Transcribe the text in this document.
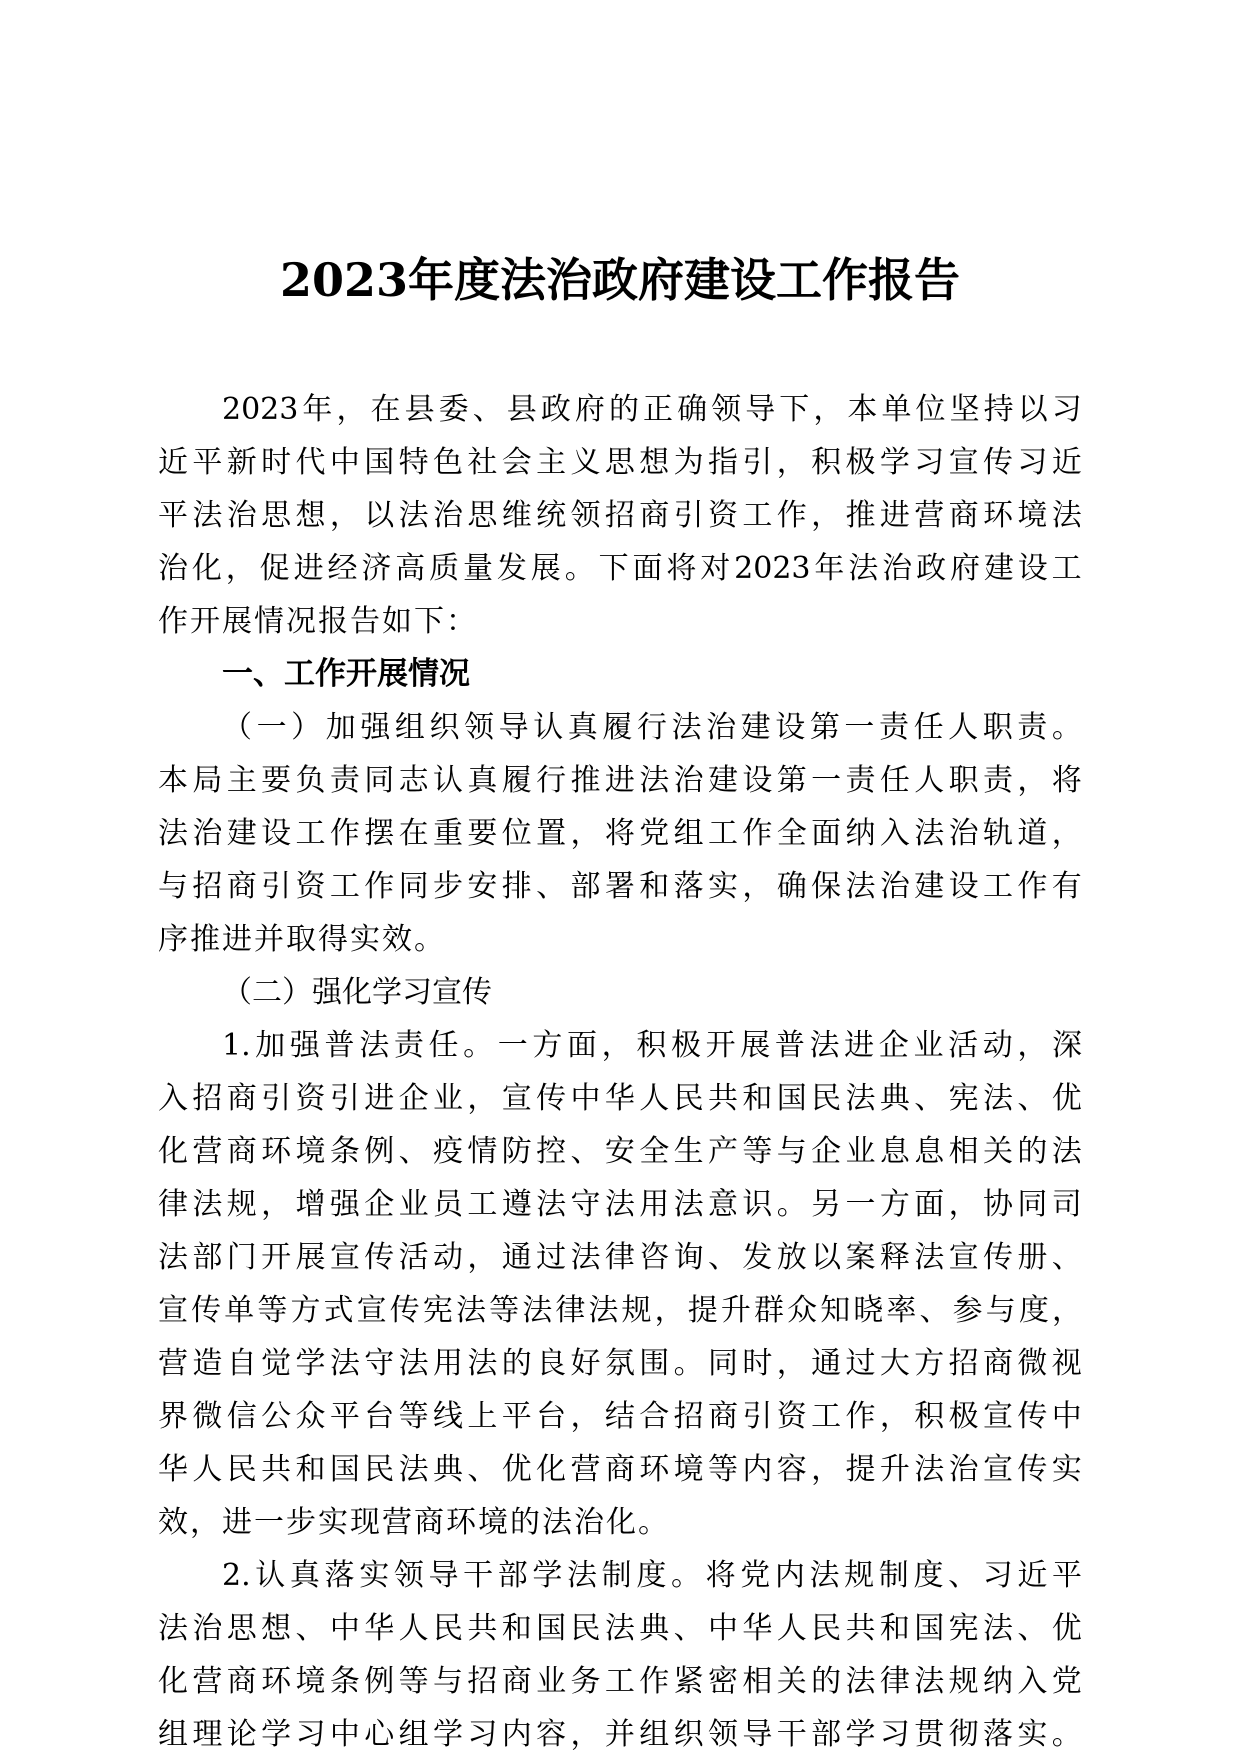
2023年度法治政府建设工作报告
2023 年 ， 在 县 委 、 县 政 府 的 正 确 领 导 下 ， 本 单 位 坚 持 以 习
近 平 新 时 代 中 国 特 色 社 会 主 义 思 想 为 指 引 ， 积 极 学 习 宣 传 习 近
平 法 治 思 想 ， 以 法 治 思 维 统 领 招 商 引 资 工 作 ， 推 进 营 商 环 境 法
治 化 ， 促 进 经 济 高 质 量 发 展 。 下 面 将 对 2023 年 法 治 政 府 建 设 工
作开展情况报告如下：
一、工作开展情况
（ 一 ） 加 强 组 织 领 导 认 真 履 行 法 治 建 设 第 一 责 任 人 职 责 。
本 局 主 要 负 责 同 志 认 真 履 行 推 进 法 治 建 设 第 一 责 任 人 职 责 ， 将
法 治 建 设 工 作 摆 在 重 要 位 置 ， 将 党 组 工 作 全 面 纳 入 法 治 轨 道 ，
与 招 商 引 资 工 作 同 步 安 排 、 部 署 和 落 实 ， 确 保 法 治 建 设 工 作 有
序推进并取得实效。
（二）强化学习宣传
1. 加 强 普 法 责 任 。 一 方 面 ， 积 极 开 展 普 法 进 企 业 活 动 ， 深
入 招 商 引 资 引 进 企 业 ， 宣 传 中 华 人 民 共 和 国 民 法 典 、 宪 法 、 优
化 营 商 环 境 条 例 、 疫 情 防 控 、 安 全 生 产 等 与 企 业 息 息 相 关 的 法
律 法 规 ， 增 强 企 业 员 工 遵 法 守 法 用 法 意 识 。 另 一 方 面 ， 协 同 司
法 部 门 开 展 宣 传 活 动 ， 通 过 法 律 咨 询 、 发 放 以 案 释 法 宣 传 册 、
宣 传 单 等 方 式 宣 传 宪 法 等 法 律 法 规 ， 提 升 群 众 知 晓 率 、 参 与 度 ，
营 造 自 觉 学 法 守 法 用 法 的 良 好 氛 围 。 同 时 ， 通 过 大 方 招 商 微 视
界 微 信 公 众 平 台 等 线 上 平 台 ， 结 合 招 商 引 资 工 作 ， 积 极 宣 传 中
华 人 民 共 和 国 民 法 典 、 优 化 营 商 环 境 等 内 容 ， 提 升 法 治 宣 传 实
效，进一步实现营商环境的法治化。
2. 认 真 落 实 领 导 干 部 学 法 制 度 。 将 党 内 法 规 制 度 、 习 近 平
法 治 思 想 、 中 华 人 民 共 和 国 民 法 典 、 中 华 人 民 共 和 国 宪 法 、 优
化 营 商 环 境 条 例 等 与 招 商 业 务 工 作 紧 密 相 关 的 法 律 法 规 纳 入 党
组 理 论 学 习 中 心 组 学 习 内 容 ， 并 组 织 领 导 干 部 学 习 贯 彻 落 实 。
